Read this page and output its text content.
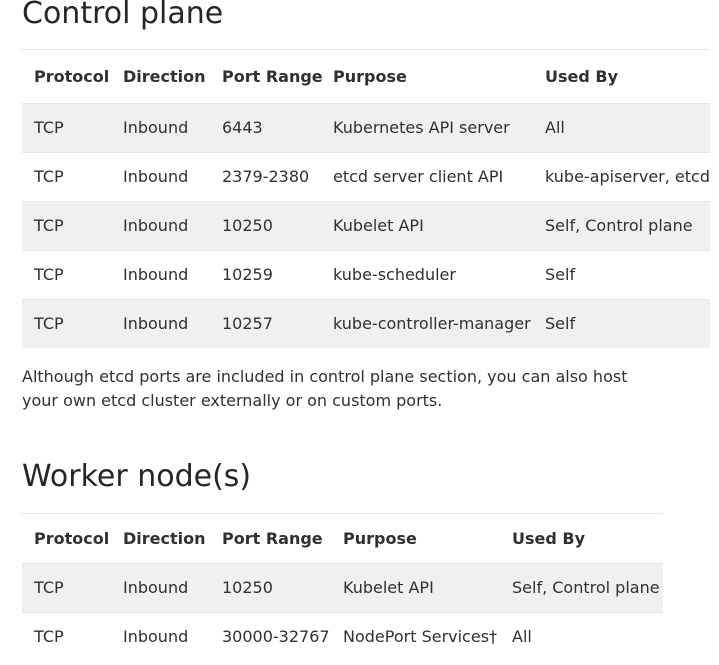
Control plane
Protocol	Direction	Port Range	Purpose	Used By
TCP	Inbound	6443	Kubernetes API server	All
TCP	Inbound	2379-2380	etcd server client API	kube-apiserver, etcd
TCP	Inbound	10250	Kubelet API	Self, Control plane
TCP	Inbound	10259	kube-scheduler	Self
TCP	Inbound	10257	kube-controller-manager	Self

Although etcd ports are included in control plane section, you can also host
your own etcd cluster externally or on custom ports.

Worker node(s)
Protocol	Direction	Port Range	Purpose	Used By
TCP	Inbound	10250	Kubelet API	Self, Control plane
TCP	Inbound	30000-32767	NodePort Services†	All
